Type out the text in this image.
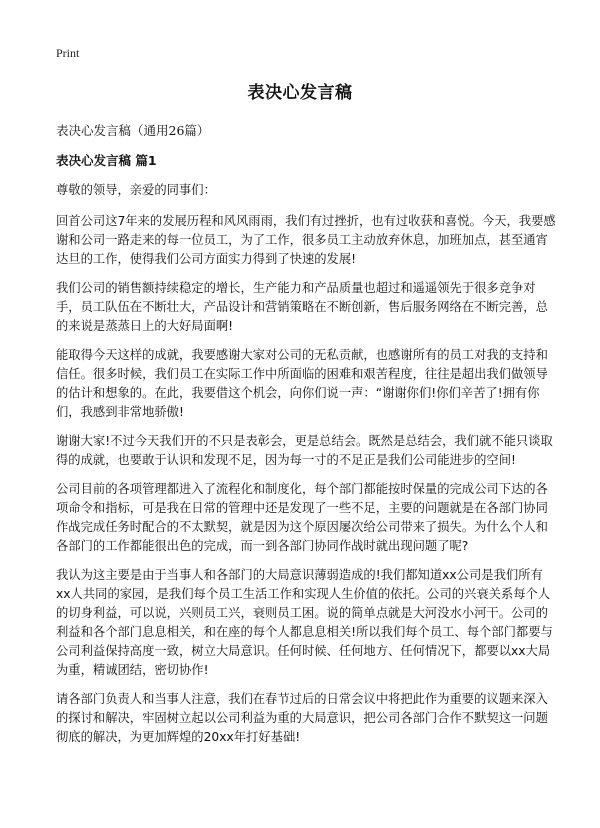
Print
表决心发言稿
表决心发言稿（通用26篇）
表决心发言稿 篇1

尊敬的领导，亲爱的同事们：

回首公司这7年来的发展历程和风风雨雨，我们有过挫折，也有过收获和喜悦。今天，我要感谢和公司一路走来的每一位员工，为了工作，很多员工主动放弃休息，加班加点，甚至通宵达旦的工作，使得我们公司方面实力得到了快速的发展!

我们公司的销售额持续稳定的增长，生产能力和产品质量也超过和遥遥领先于很多竞争对手，员工队伍在不断壮大，产品设计和营销策略在不断创新，售后服务网络在不断完善，总的来说是蒸蒸日上的大好局面啊!

能取得今天这样的成就，我要感谢大家对公司的无私贡献，也感谢所有的员工对我的支持和信任。很多时候，我们员工在实际工作中所面临的困难和艰苦程度，往往是超出我们做领导的估计和想象的。在此，我要借这个机会，向你们说一声：“谢谢你们!你们辛苦了!拥有你们，我感到非常地骄傲!

谢谢大家!不过今天我们开的不只是表彰会，更是总结会。既然是总结会，我们就不能只谈取得的成就，也要敢于认识和发现不足，因为每一寸的不足正是我们公司能进步的空间!

公司目前的各项管理都进入了流程化和制度化，每个部门都能按时保量的完成公司下达的各项命令和指标，可是我在日常的管理中还是发现了一些不足，主要的问题就是在各部门协同作战完成任务时配合的不太默契，就是因为这个原因屡次给公司带来了损失。为什么个人和各部门的工作都能很出色的完成，而一到各部门协同作战时就出现问题了呢?

我认为这主要是由于当事人和各部门的大局意识薄弱造成的!我们都知道xx公司是我们所有xx人共同的家园，是我们每个员工生活工作和实现人生价值的依托。公司的兴衰关系每个人的切身利益，可以说，兴则员工兴，衰则员工困。说的简单点就是大河没水小河干。公司的利益和各个部门息息相关，和在座的每个人都息息相关!所以我们每个员工、每个部门都要与公司利益保持高度一致，树立大局意识。任何时候、任何地方、任何情况下，都要以xx大局为重，精诚团结，密切协作!

请各部门负责人和当事人注意，我们在春节过后的日常会议中将把此作为重要的议题来深入的探讨和解决，牢固树立起以公司利益为重的大局意识，把公司各部门合作不默契这一问题彻底的解决，为更加辉煌的20xx年打好基础!
